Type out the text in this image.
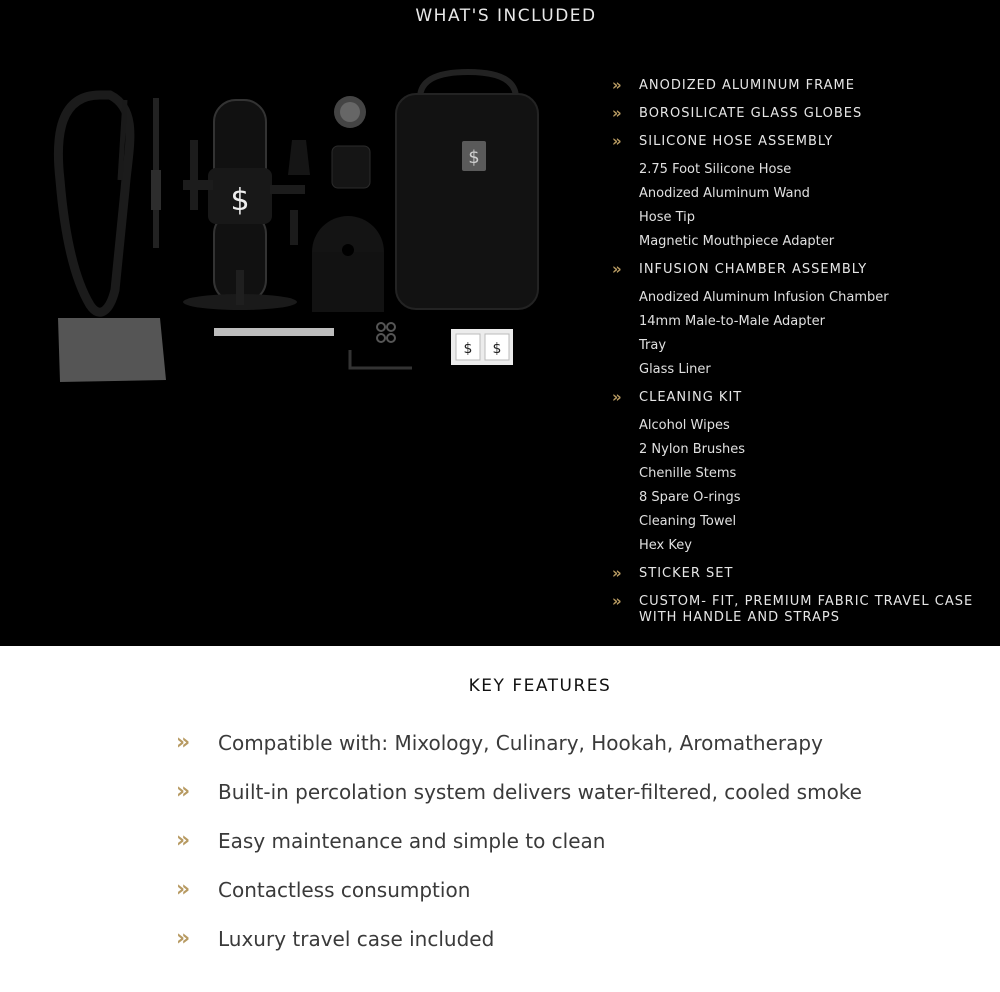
WHAT'S INCLUDED
$
$
$ $
» ANODIZED ALUMINUM FRAME
» BOROSILICATE GLASS GLOBES
» SILICONE HOSE ASSEMBLY
2.75 Foot Silicone Hose
Anodized Aluminum Wand
Hose Tip
Magnetic Mouthpiece Adapter
» INFUSION CHAMBER ASSEMBLY
Anodized Aluminum Infusion Chamber
14mm Male-to-Male Adapter
Tray
Glass Liner
» CLEANING KIT
Alcohol Wipes
2 Nylon Brushes
Chenille Stems
8 Spare O-rings
Cleaning Towel
Hex Key
» STICKER SET
» CUSTOM- FIT, PREMIUM FABRIC TRAVEL CASE WITH HANDLE AND STRAPS
KEY FEATURES
» Compatible with: Mixology, Culinary, Hookah, Aromatherapy
» Built-in percolation system delivers water-filtered, cooled smoke
» Easy maintenance and simple to clean
» Contactless consumption
» Luxury travel case included
